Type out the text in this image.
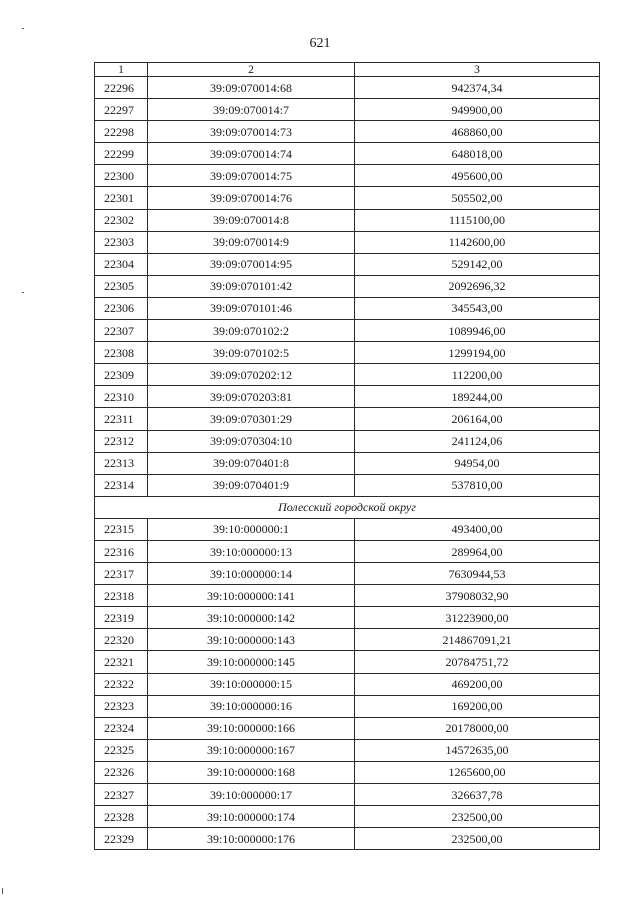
621
1	2	3
22296	39:09:070014:68	942374,34
22297	39:09:070014:7	949900,00
22298	39:09:070014:73	468860,00
22299	39:09:070014:74	648018,00
22300	39:09:070014:75	495600,00
22301	39:09:070014:76	505502,00
22302	39:09:070014:8	1115100,00
22303	39:09:070014:9	1142600,00
22304	39:09:070014:95	529142,00
22305	39:09:070101:42	2092696,32
22306	39:09:070101:46	345543,00
22307	39:09:070102:2	1089946,00
22308	39:09:070102:5	1299194,00
22309	39:09:070202:12	112200,00
22310	39:09:070203:81	189244,00
22311	39:09:070301:29	206164,00
22312	39:09:070304:10	241124,06
22313	39:09:070401:8	94954,00
22314	39:09:070401:9	537810,00
Полесский городской округ		
22315	39:10:000000:1	493400,00
22316	39:10:000000:13	289964,00
22317	39:10:000000:14	7630944,53
22318	39:10:000000:141	37908032,90
22319	39:10:000000:142	31223900,00
22320	39:10:000000:143	214867091,21
22321	39:10:000000:145	20784751,72
22322	39:10:000000:15	469200,00
22323	39:10:000000:16	169200,00
22324	39:10:000000:166	20178000,00
22325	39:10:000000:167	14572635,00
22326	39:10:000000:168	1265600,00
22327	39:10:000000:17	326637,78
22328	39:10:000000:174	232500,00
22329	39:10:000000:176	232500,00
